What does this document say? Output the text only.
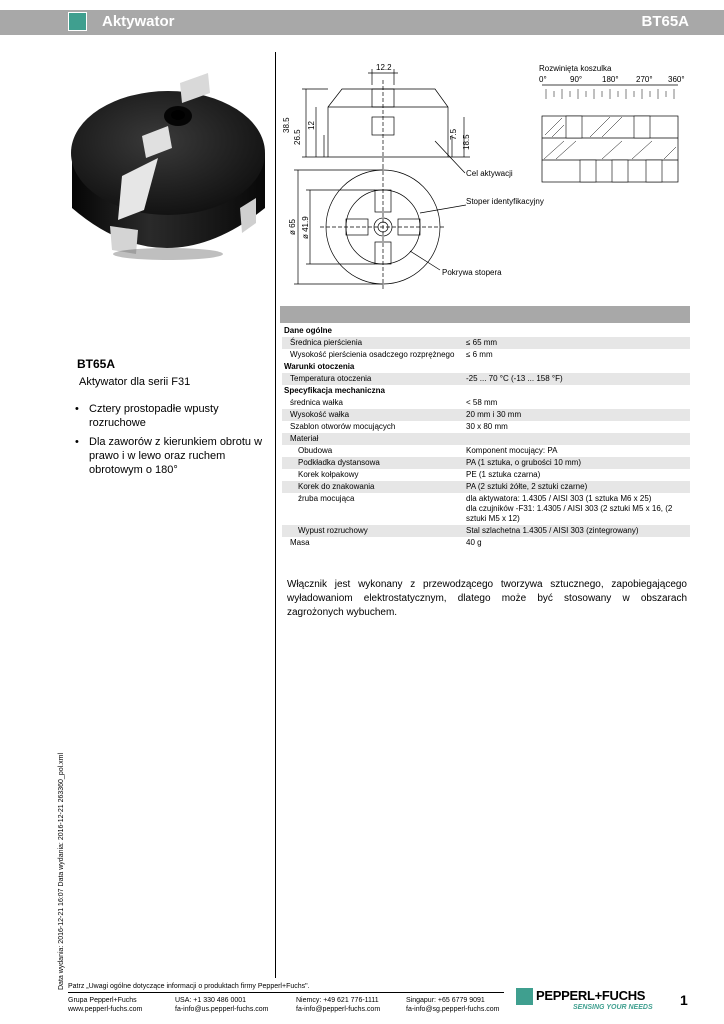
Aktywator	BT65A
12.2
38.5
26.5
12
7.5 18.5
ø 65 ø 41.9
Cel aktywacji
Stoper identyfikacyjny
Pokrywa stopera
Rozwinięta koszulka
0°	90° 180° 270° 360°
BT65A
Aktywator dla serii F31
• Cztery prostopadłe wpusty rozruchowe
• Dla zaworów z kierunkiem obrotu w prawo i w lewo oraz ruchem obrotowym o 180°
Dane ogólne	
Średnica pierścienia	≤ 65 mm
Wysokość pierścienia osadczego rozprężnego	≤ 6 mm
Warunki otoczenia	
Temperatura otoczenia	-25 ... 70 °C (-13 ... 158 °F)
Specyfikacja mechaniczna	
średnica wałka	< 58 mm
Wysokość wałka	20 mm i 30 mm
Szablon otworów mocujących	30 x 80 mm
Materiał	
Obudowa	Komponent mocujący: PA
Podkładka dystansowa	PA (1 sztuka, o grubości 10 mm)
Korek kołpakowy	PE (1 sztuka czarna)
Korek do znakowania	PA (2 sztuki żółte, 2 sztuki czarne)
źruba mocująca	dla aktywatora: 1.4305 / AISI 303 (1 sztuka M6 x 25)
dla czujników -F31: 1.4305 / AISI 303 (2 sztuki M5 x 16, (2 sztuki M5 x 12)
Wypust rozruchowy	Stal szlachetna 1.4305 / AISI 303 (zintegrowany)
Masa	40 g
Włącznik jest wykonany z przewodzącego tworzywa sztucznego, zapobiegającego wyładowaniom elektrostatycznym, dlatego może być stosowany w obszarach zagrożonych wybuchem.
Data wydania: 2016-12-21 16:07 Data wydania: 2016-12-21 263360_pol.xml Patrz „Uwagi ogólne dotyczące informacji o produktach firmy Pepperl+Fuchs".
Grupa Pepperl+Fuchs
www.pepperl-fuchs.com
USA: +1 330 486 0001
fa-info@us.pepperl-fuchs.com
Niemcy: +49 621 776-1111
fa-info@pepperl-fuchs.com
Singapur: +65 6779 9091
fa-info@sg.pepperl-fuchs.com
PEPPERL+FUCHS
SENSING YOUR NEEDS 1
